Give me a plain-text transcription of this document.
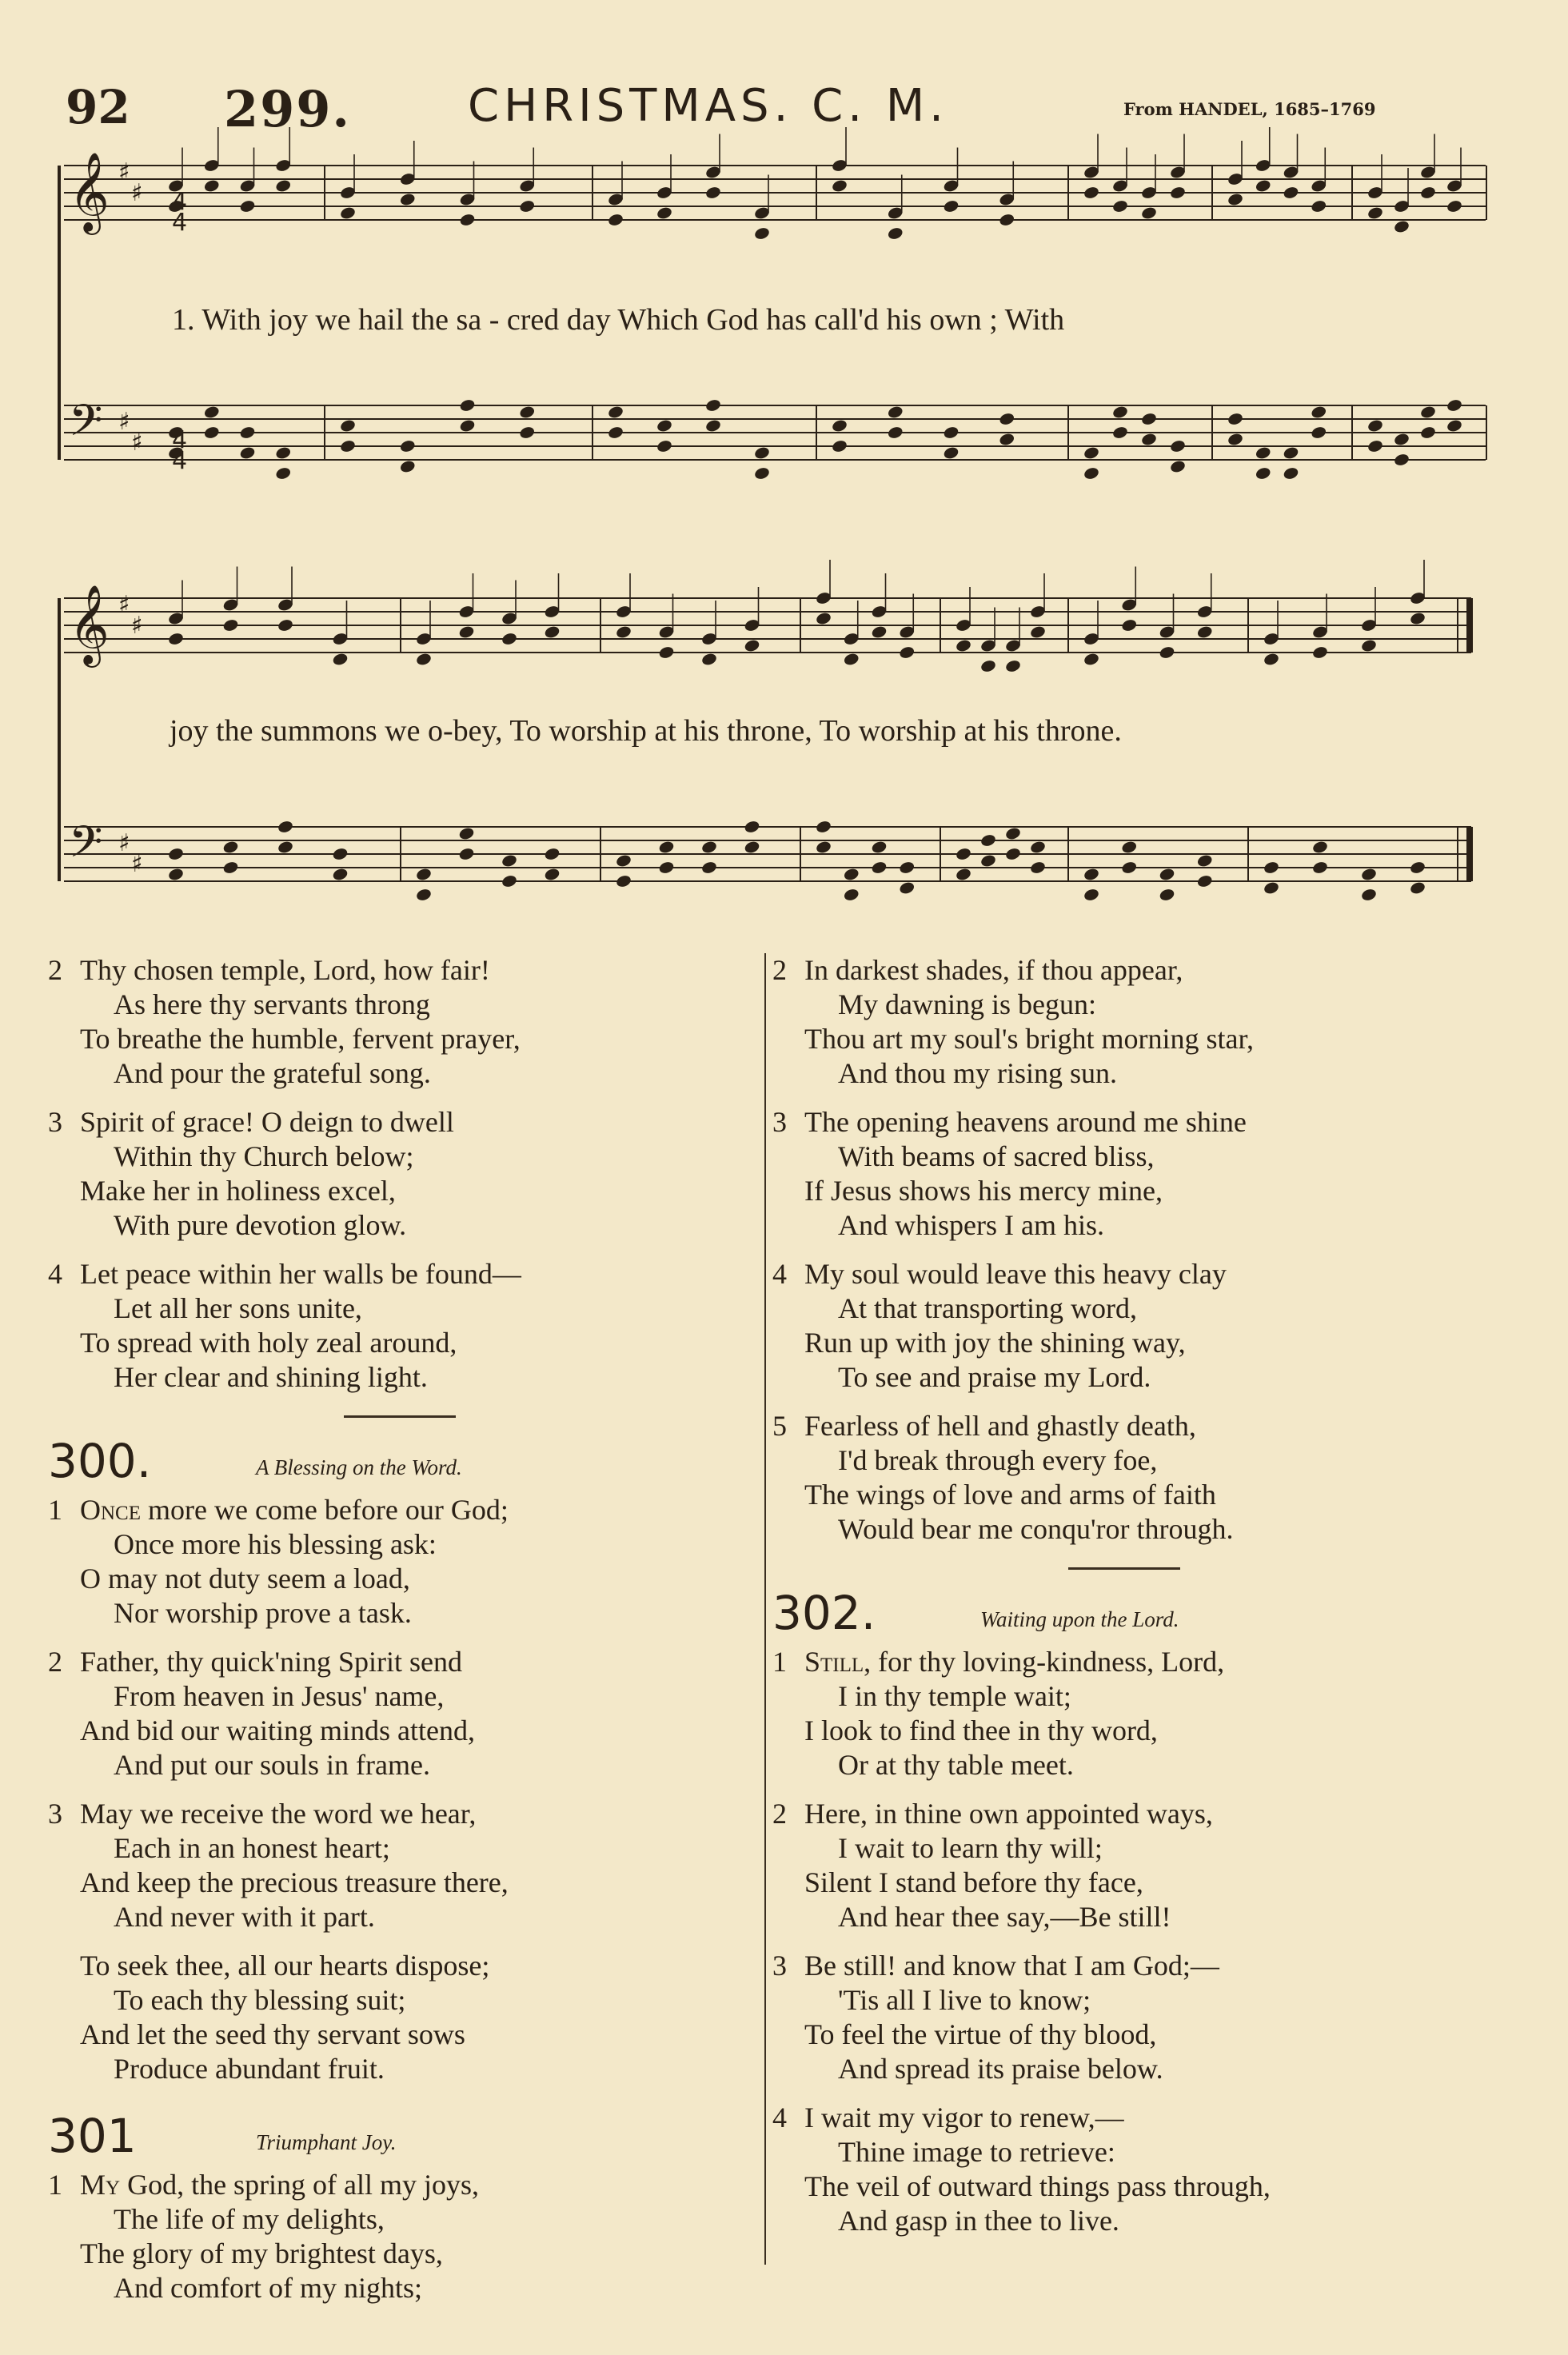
92 299.	CHRISTMAS. C. M.	From HANDEL, 1685–1769
𝄞
𝄢
♯
♯
♯
♯
4
4
4
4
𝄞
𝄢
♯
♯
♯
♯
1. With joy we hail the sa - cred day Which God has call'd his own ; With
joy the summons we o-bey, To worship at his throne, To worship at his throne.
2 Thy chosen temple, Lord, how fair!
As here thy servants throng
To breathe the humble, fervent prayer,
And pour the grateful song.
3 Spirit of grace! O deign to dwell
Within thy Church below;
Make her in holiness excel,
With pure devotion glow.
4 Let peace within her walls be found—
Let all her sons unite,
To spread with holy zeal around,
Her clear and shining light.
300.	A Blessing on the Word.
1 Once more we come before our God;
Once more his blessing ask:
O may not duty seem a load,
Nor worship prove a task.
2 Father, thy quick'ning Spirit send
From heaven in Jesus' name,
And bid our waiting minds attend,
And put our souls in frame.
3 May we receive the word we hear,
Each in an honest heart;
And keep the precious treasure there,
And never with it part.
To seek thee, all our hearts dispose;
To each thy blessing suit;
And let the seed thy servant sows
Produce abundant fruit.
301	Triumphant Joy.
1 My God, the spring of all my joys,
The life of my delights,
The glory of my brightest days,
And comfort of my nights;
2 In darkest shades, if thou appear,
My dawning is begun:
Thou art my soul's bright morning star,
And thou my rising sun.
3 The opening heavens around me shine
With beams of sacred bliss,
If Jesus shows his mercy mine,
And whispers I am his.
4 My soul would leave this heavy clay
At that transporting word,
Run up with joy the shining way,
To see and praise my Lord.
5 Fearless of hell and ghastly death,
I'd break through every foe,
The wings of love and arms of faith
Would bear me conqu'ror through.
302.	Waiting upon the Lord.
1 Still, for thy loving-kindness, Lord,
I in thy temple wait;
I look to find thee in thy word,
Or at thy table meet.
2 Here, in thine own appointed ways,
I wait to learn thy will;
Silent I stand before thy face,
And hear thee say,—Be still!
3 Be still! and know that I am God;—
'Tis all I live to know;
To feel the virtue of thy blood,
And spread its praise below.
4 I wait my vigor to renew,—
Thine image to retrieve:
The veil of outward things pass through,
And gasp in thee to live.
